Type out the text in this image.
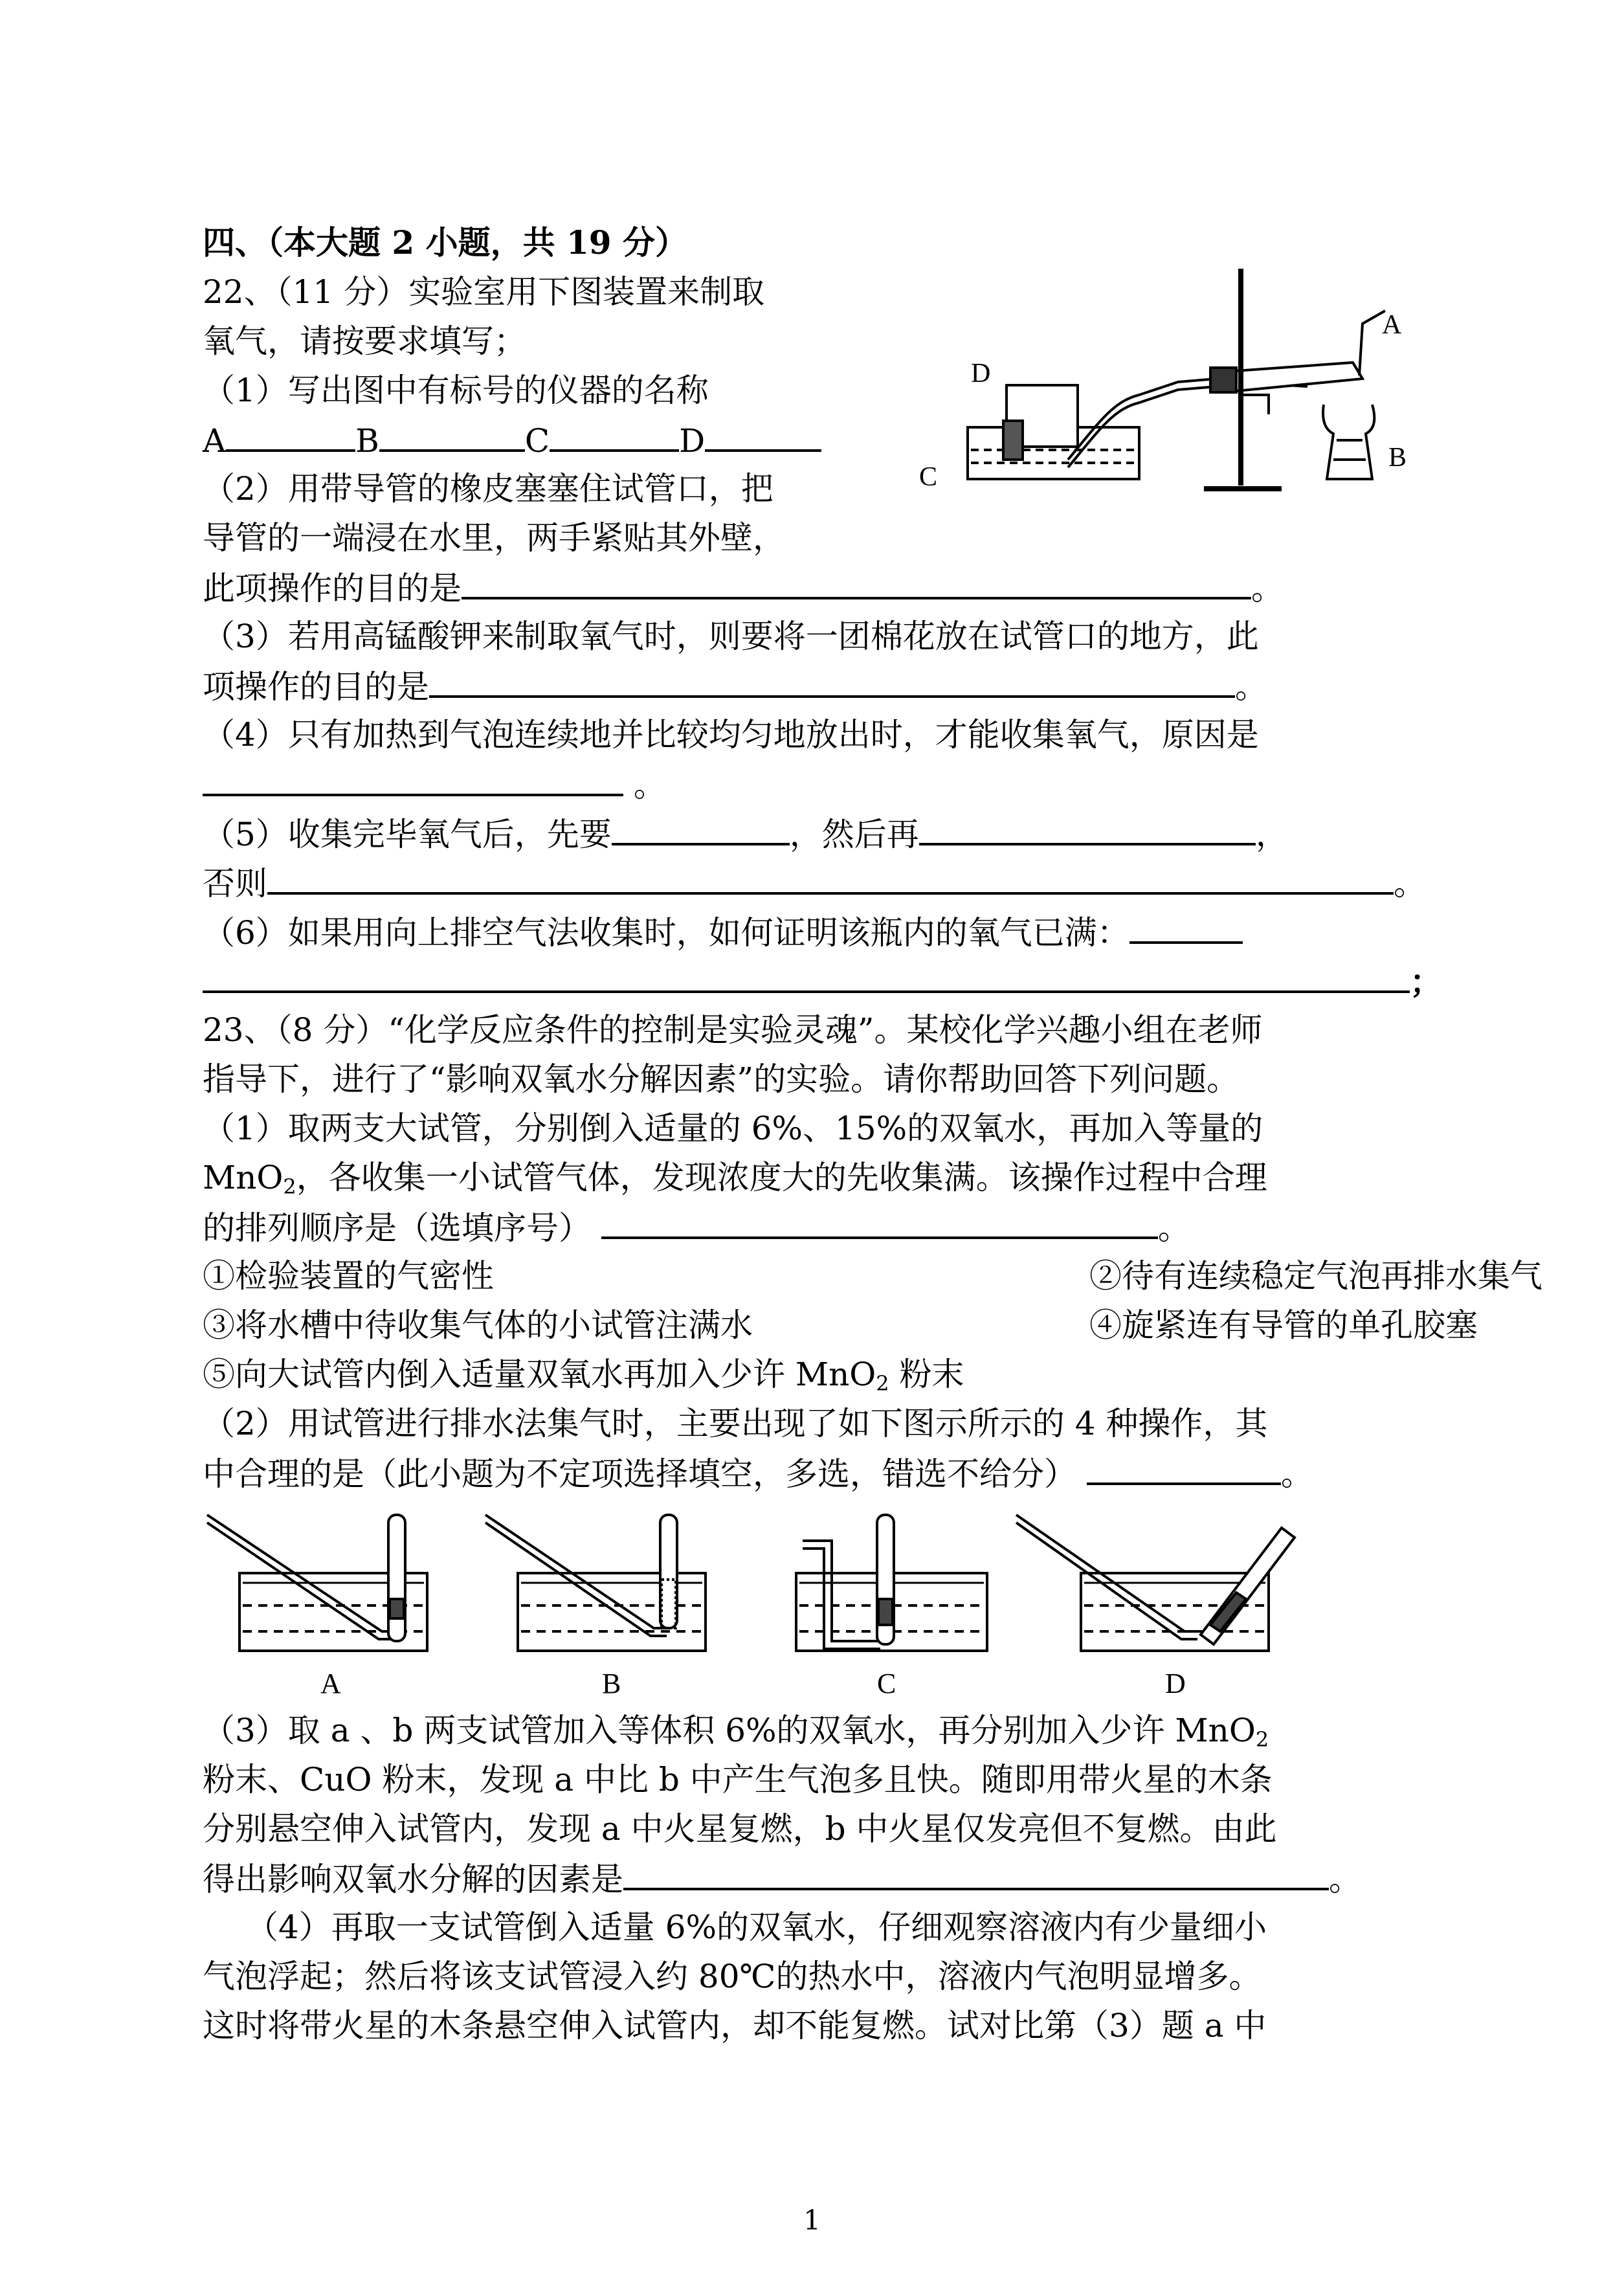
四、（本大题 2 小题，共 19 分）
22、（11 分）实验室用下图装置来制取
氧气，请按要求填写；
（1）写出图中有标号的仪器的名称
A	B	C	D
（2）用带导管的橡皮塞塞住试管口，把
导管的一端浸在水里，两手紧贴其外壁，
此项操作的目的是	。
（3）若用高锰酸钾来制取氧气时，则要将一团棉花放在试管口的地方，此
项操作的目的是	。
（4）只有加热到气泡连续地并比较均匀地放出时，才能收集氧气，原因是
。
（5）收集完毕氧气后，先要	，然后再	，
否则	。
（6）如果用向上排空气法收集时，如何证明该瓶内的氧气已满：
；
C
D
A
B
23、（8 分）“化学反应条件的控制是实验灵魂”。某校化学兴趣小组在老师
指导下，进行了“影响双氧水分解因素”的实验。请你帮助回答下列问题。
（1）取两支大试管，分别倒入适量的 6%、15%的双氧水，再加入等量的
MnO$_2$，各收集一小试管气体，发现浓度大的先收集满。该操作过程中合理
的排列顺序是（选填序号）	。
①检验装置的气密性	②待有连续稳定气泡再排水集气
③将水槽中待收集气体的小试管注满水	④旋紧连有导管的单孔胶塞
⑤向大试管内倒入适量双氧水再加入少许 MnO$_2$ 粉末
（2）用试管进行排水法集气时，主要出现了如下图示所示的 4 种操作，其
中合理的是（此小题为不定项选择填空，多选，错选不给分）	。
A	B	C	D
（3）取 a 、b 两支试管加入等体积 6%的双氧水，再分别加入少许 MnO$_2$
粉末、CuO 粉末，发现 a 中比 b 中产生气泡多且快。随即用带火星的木条
分别悬空伸入试管内，发现 a 中火星复燃，b 中火星仅发亮但不复燃。由此
得出影响双氧水分解的因素是	。
（4）再取一支试管倒入适量 6%的双氧水，仔细观察溶液内有少量细小
气泡浮起；然后将该支试管浸入约 80℃的热水中，溶液内气泡明显增多。
这时将带火星的木条悬空伸入试管内，却不能复燃。试对比第（3）题 a 中
1
